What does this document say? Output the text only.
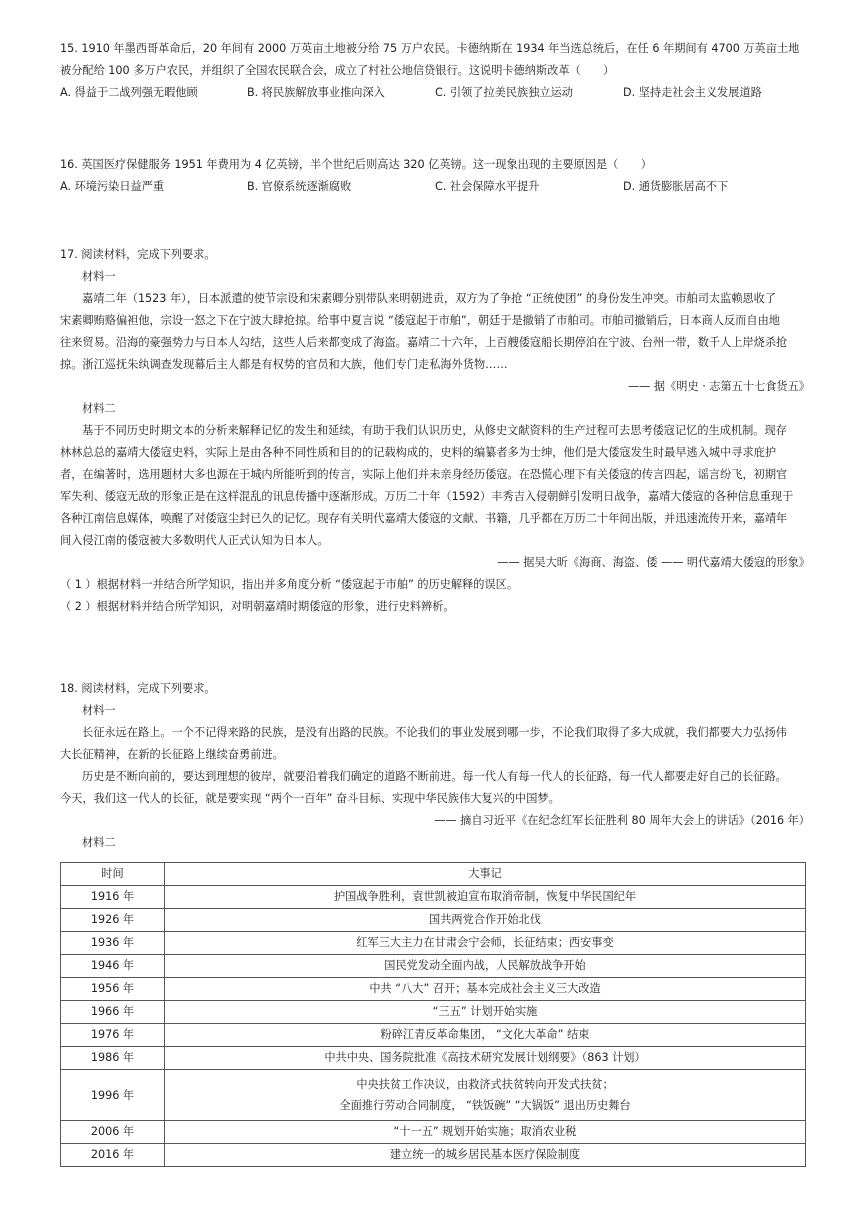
15. 1910 年墨西哥革命后，20 年间有 2000 万英亩土地被分给 75 万户农民。卡德纳斯在 1934 年当选总统后，在任 6 年期间有 4700 万英亩土地

被分配给 100 多万户农民，并组织了全国农民联合会，成立了村社公地信贷银行。这说明卡德纳斯改革（　　）

A. 得益于二战列强无暇他顾	B. 将民族解放事业推向深入	C. 引领了拉美民族独立运动	D. 坚持走社会主义发展道路

16. 英国医疗保健服务 1951 年费用为 4 亿英镑，半个世纪后则高达 320 亿英镑。这一现象出现的主要原因是（　　）

A. 环境污染日益严重	B. 官僚系统逐渐腐败	C. 社会保障水平提升	D. 通货膨胀居高不下

17. 阅读材料，完成下列要求。

材料一

嘉靖二年（1523 年），日本派遣的使节宗设和宋素卿分别带队来明朝进贡，双方为了争抢 “正统使团” 的身份发生冲突。市舶司太监赖恩收了

宋素卿贿赂偏袒他，宗设一怒之下在宁波大肆抢掠。给事中夏言说 “倭寇起于市舶”，朝廷于是撤销了市舶司。市舶司撤销后，日本商人反而自由地

往来贸易。沿海的豪强势力与日本人勾结，这些人后来都变成了海盗。嘉靖二十六年，上百艘倭寇船长期停泊在宁波、台州一带，数千人上岸烧杀抢

掠。浙江巡抚朱纨调查发现幕后主人都是有权势的官员和大族，他们专门走私海外货物……

—— 据《明史 · 志第五十七食货五》

材料二

基于不同历史时期文本的分析来解释记忆的发生和延续，有助于我们认识历史，从修史文献资料的生产过程可去思考倭寇记忆的生成机制。现存

林林总总的嘉靖大倭寇史料，实际上是由各种不同性质和目的的记载构成的，史料的编纂者多为士绅，他们是大倭寇发生时最早逃入城中寻求庇护

者，在编著时，选用题材大多也源在于城内所能听到的传言，实际上他们并未亲身经历倭寇。在恐慌心理下有关倭寇的传言四起，谣言纷飞，初期官

军失利、倭寇无敌的形象正是在这样混乱的讯息传播中逐渐形成。万历二十年（1592）丰秀吉入侵朝鲜引发明日战争，嘉靖大倭寇的各种信息重现于

各种江南信息媒体，唤醒了对倭寇尘封已久的记忆。现存有关明代嘉靖大倭寇的文献、书籍，几乎都在万历二十年间出版，并迅速流传开来，嘉靖年

间入侵江南的倭寇被大多数明代人正式认知为日本人。

—— 据吴大昕《海商、海盗、倭 —— 明代嘉靖大倭寇的形象》

（ 1 ）根据材料一并结合所学知识，指出并多角度分析 “倭寇起于市舶” 的历史解释的误区。

（ 2 ）根据材料并结合所学知识，对明朝嘉靖时期倭寇的形象，进行史料辨析。

18. 阅读材料，完成下列要求。

材料一

长征永远在路上。一个不记得来路的民族，是没有出路的民族。不论我们的事业发展到哪一步，不论我们取得了多大成就，我们都要大力弘扬伟

大长征精神，在新的长征路上继续奋勇前进。

历史是不断向前的，要达到理想的彼岸，就要沿着我们确定的道路不断前进。每一代人有每一代人的长征路，每一代人都要走好自己的长征路。

今天，我们这一代人的长征，就是要实现 “两个一百年” 奋斗目标、实现中华民族伟大复兴的中国梦。

—— 摘自习近平《在纪念红军长征胜利 80 周年大会上的讲话》（2016 年）

材料二

时间	大事记
1916 年	护国战争胜利，袁世凯被迫宣布取消帝制，恢复中华民国纪年
1926 年	国共两党合作开始北伐
1936 年	红军三大主力在甘肃会宁会师，长征结束；西安事变
1946 年	国民党发动全面内战，人民解放战争开始
1956 年	中共 “八大” 召开；基本完成社会主义三大改造
1966 年	“三五” 计划开始实施
1976 年	粉碎江青反革命集团， “文化大革命” 结束
1986 年	中共中央、国务院批准《高技术研究发展计划纲要》（863 计划）
1996 年	中央扶贫工作决议，由救济式扶贫转向开发式扶贫；
全面推行劳动合同制度， “铁饭碗” “大锅饭” 退出历史舞台

2006 年	“十一五” 规划开始实施；取消农业税
2016 年	建立统一的城乡居民基本医疗保险制度
